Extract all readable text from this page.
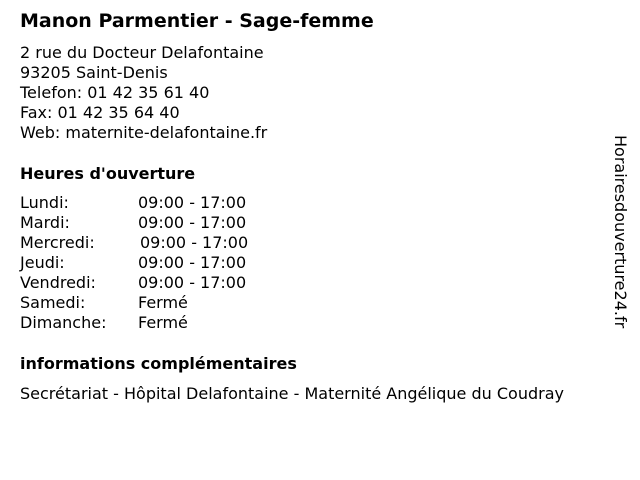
Manon Parmentier - Sage-femme
2 rue du Docteur Delafontaine
93205 Saint-Denis
Telefon: 01 42 35 61 40
Fax: 01 42 35 64 40
Web: maternite-delafontaine.fr
Heures d'ouverture
Lundi:	09:00 - 17:00
Mardi:	09:00 - 17:00
Mercredi:	09:00 - 17:00
Jeudi:	09:00 - 17:00
Vendredi:	09:00 - 17:00
Samedi:	Fermé
Dimanche:	Fermé
informations complémentaires
Secrétariat - Hôpital Delafontaine - Maternité Angélique du Coudray
Horairesdouverture24.fr
